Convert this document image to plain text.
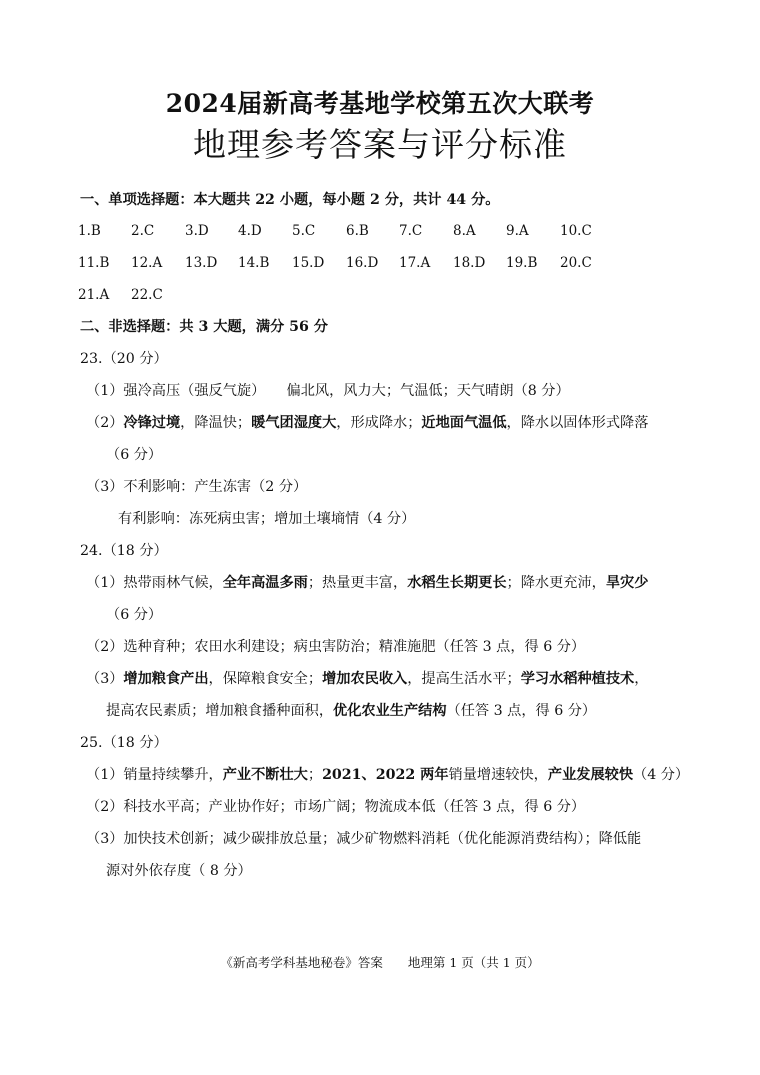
2024届新高考基地学校第五次大联考
地理参考答案与评分标准
一、单项选择题：本大题共 22 小题，每小题 2 分，共计 44 分。
1.B 2.C 3.D 4.D 5.C 6.B 7.C 8.A 9.A 10.C
11.B 12.A 13.D 14.B 15.D 16.D 17.A 18.D 19.B 20.C
21.A 22.C
二、非选择题：共 3 大题，满分 56 分
23.（20 分）
（1）强冷高压（强反气旋）　　偏北风，风力大；气温低；天气晴朗（8 分）
（2）冷锋过境，降温快；暖气团湿度大，形成降水；近地面气温低，降水以固体形式降落
（6 分）
（3）不利影响：产生冻害（2 分）
有利影响：冻死病虫害；增加土壤墒情（4 分）
24.（18 分）
（1）热带雨林气候，全年高温多雨；热量更丰富，水稻生长期更长；降水更充沛，旱灾少
（6 分）
（2）选种育种；农田水利建设；病虫害防治；精准施肥（任答 3 点，得 6 分）
（3）增加粮食产出，保障粮食安全；增加农民收入，提高生活水平；学习水稻种植技术，
提高农民素质；增加粮食播种面积，优化农业生产结构（任答 3 点，得 6 分）
25.（18 分）
（1）销量持续攀升，产业不断壮大；2021、2022 两年销量增速较快，产业发展较快（4 分）
（2）科技水平高；产业协作好；市场广阔；物流成本低（任答 3 点，得 6 分）
（3）加快技术创新；减少碳排放总量；减少矿物燃料消耗（优化能源消费结构）；降低能
源对外依存度（ 8 分）
《新高考学科基地秘卷》答案　　地理第 1 页（共 1 页）
